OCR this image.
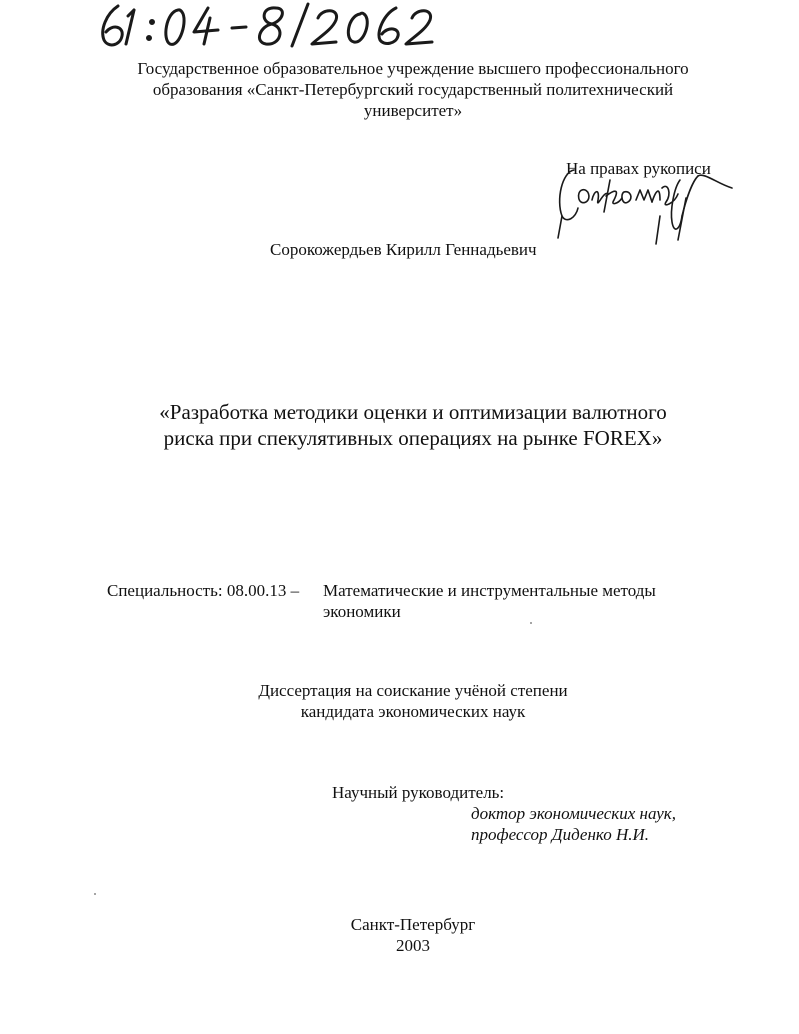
Государственное образовательное учреждение высшего профессионального
образования «Санкт-Петербургский государственный политехнический
университет»
На правах рукописи
Сорокожердьев Кирилл Геннадьевич
«Разработка методики оценки и оптимизации валютного
риска при спекулятивных операциях на рынке FOREX»
Специальность: 08.00.13 – Математические и инструментальные методы
экономики
Диссертация на соискание учёной степени
кандидата экономических наук
Научный руководитель:
доктор экономических наук,
профессор Диденко Н.И.
Санкт-Петербург
2003
